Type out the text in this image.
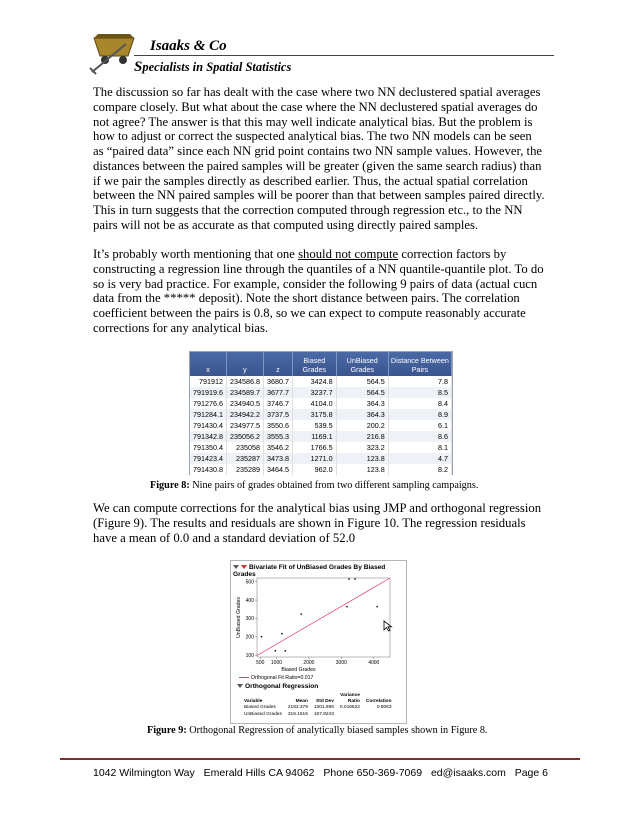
Isaaks & Co
Specialists in Spatial Statistics
The discussion so far has dealt with the case where two NN declustered spatial averages compare closely. But what about the case where the NN declustered spatial averages do not agree? The answer is that this may well indicate analytical bias. But the problem is how to adjust or correct the suspected analytical bias. The two NN models can be seen as “paired data” since each NN grid point contains two NN sample values. However, the distances between the paired samples will be greater (given the same search radius) than if we pair the samples directly as described earlier. Thus, the actual spatial correlation between the NN paired samples will be poorer than that between samples paired directly. This in turn suggests that the correction computed through regression etc., to the NN pairs will not be as accurate as that computed using directly paired samples.
It’s probably worth mentioning that one should not compute correction factors by constructing a regression line through the quantiles of a NN quantile-quantile plot. To do so is very bad practice. For example, consider the following 9 pairs of data (actual cucn data from the ***** deposit). Note the short distance between pairs. The correlation coefficient between the pairs is 0.8, so we can expect to compute reasonably accurate corrections for any analytical bias.
x	y	z	Biased Grades	UnBiased Grades	Distance Between Pairs
791912	234586.8	3680.7	3424.8	564.5	7.8
791919.6	234589.7	3677.7	3237.7	564.5	8.5
791276.6	234940.5	3746.7	4104.0	364.3	8.4
791284.1	234942.2	3737.5	3175.8	364.3	8.9
791430.4	234977.5	3550.6	539.5	200.2	6.1
791342.8	235056.2	3555.3	1169.1	216.8	8.6
791350.4	235058	3546.2	1766.5	323.2	8.1
791423.4	235287	3473.8	1271.0	123.8	4.7
791430.8	235289	3464.5	962.0	123.8	8.2
Figure 8: Nine pairs of grades obtained from two different sampling campaigns.
We can compute corrections for the analytical bias using JMP and orthogonal regression (Figure 9). The results and residuals are shown in Figure 10. The regression residuals have a mean of 0.0 and a standard deviation of 52.0
Bivariate Fit of UnBiased Grades By Biased Grades
100
200
300
400
500
500 1000	2000	3000	4000
UnBiased Grades
Biased Grades
Orthogonal Fit Ratio=0.017
Orthogonal Regression
			Variance	
Variable	Mean	Std Dev	Ratio	Correlation
Biased Grades	2183.379	1301.698	0.016622	0.8063
UnBiased Grades	316.1516	167.8243		
Figure 9: Orthogonal Regression of analytically biased samples shown in Figure 8.
1042 Wilmington Way Emerald Hills CA 94062 Phone 650-369-7069 ed@isaaks.com Page 6
